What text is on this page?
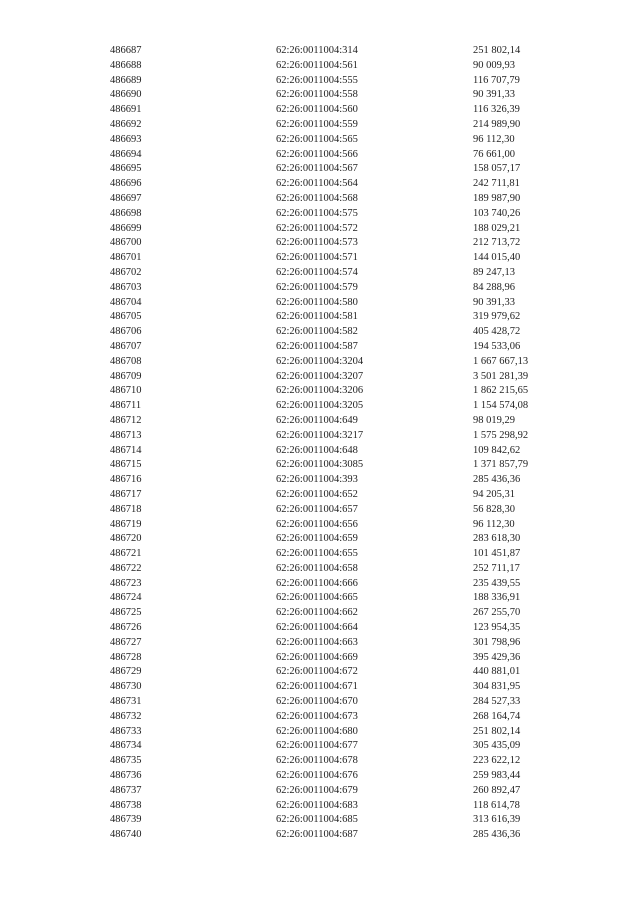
486687	62:26:0011004:314	251 802,14
486688	62:26:0011004:561	90 009,93
486689	62:26:0011004:555	116 707,79
486690	62:26:0011004:558	90 391,33
486691	62:26:0011004:560	116 326,39
486692	62:26:0011004:559	214 989,90
486693	62:26:0011004:565	96 112,30
486694	62:26:0011004:566	76 661,00
486695	62:26:0011004:567	158 057,17
486696	62:26:0011004:564	242 711,81
486697	62:26:0011004:568	189 987,90
486698	62:26:0011004:575	103 740,26
486699	62:26:0011004:572	188 029,21
486700	62:26:0011004:573	212 713,72
486701	62:26:0011004:571	144 015,40
486702	62:26:0011004:574	89 247,13
486703	62:26:0011004:579	84 288,96
486704	62:26:0011004:580	90 391,33
486705	62:26:0011004:581	319 979,62
486706	62:26:0011004:582	405 428,72
486707	62:26:0011004:587	194 533,06
486708	62:26:0011004:3204	1 667 667,13
486709	62:26:0011004:3207	3 501 281,39
486710	62:26:0011004:3206	1 862 215,65
486711	62:26:0011004:3205	1 154 574,08
486712	62:26:0011004:649	98 019,29
486713	62:26:0011004:3217	1 575 298,92
486714	62:26:0011004:648	109 842,62
486715	62:26:0011004:3085	1 371 857,79
486716	62:26:0011004:393	285 436,36
486717	62:26:0011004:652	94 205,31
486718	62:26:0011004:657	56 828,30
486719	62:26:0011004:656	96 112,30
486720	62:26:0011004:659	283 618,30
486721	62:26:0011004:655	101 451,87
486722	62:26:0011004:658	252 711,17
486723	62:26:0011004:666	235 439,55
486724	62:26:0011004:665	188 336,91
486725	62:26:0011004:662	267 255,70
486726	62:26:0011004:664	123 954,35
486727	62:26:0011004:663	301 798,96
486728	62:26:0011004:669	395 429,36
486729	62:26:0011004:672	440 881,01
486730	62:26:0011004:671	304 831,95
486731	62:26:0011004:670	284 527,33
486732	62:26:0011004:673	268 164,74
486733	62:26:0011004:680	251 802,14
486734	62:26:0011004:677	305 435,09
486735	62:26:0011004:678	223 622,12
486736	62:26:0011004:676	259 983,44
486737	62:26:0011004:679	260 892,47
486738	62:26:0011004:683	118 614,78
486739	62:26:0011004:685	313 616,39
486740	62:26:0011004:687	285 436,36
